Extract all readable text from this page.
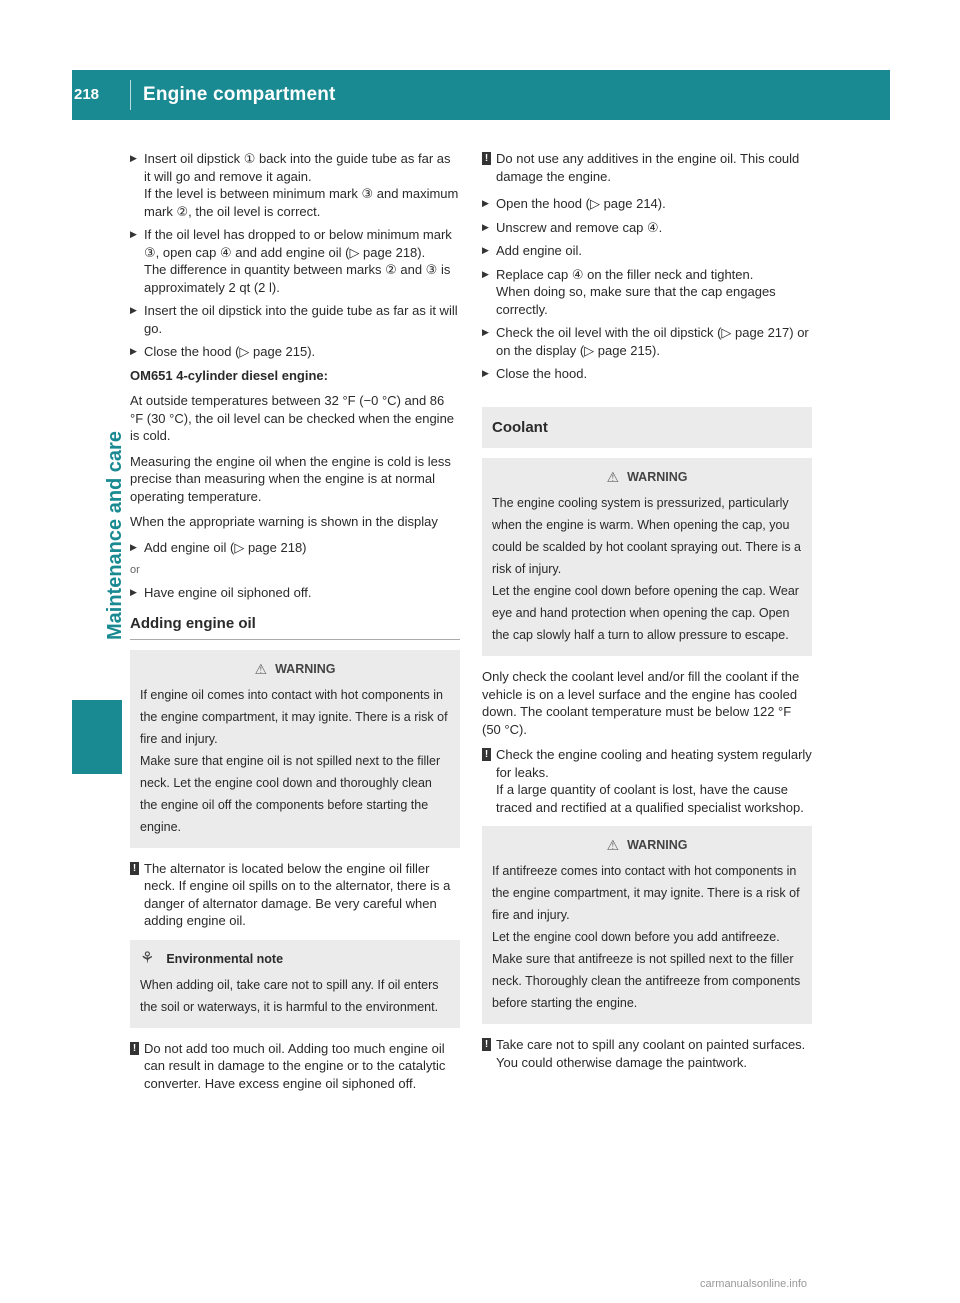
218	Engine compartment
Maintenance and care
▶ Insert oil dipstick ① back into the guide tube as far as it will go and remove it again.
If the level is between minimum mark ③ and maximum mark ②, the oil level is correct.
▶ If the oil level has dropped to or below minimum mark ③, open cap ④ and add engine oil (▷ page 218).
The difference in quantity between marks ② and ③ is approximately 2 qt (2 l).
▶ Insert the oil dipstick into the guide tube as far as it will go.
▶ Close the hood (▷ page 215).

OM651 4-cylinder diesel engine:

At outside temperatures between 32 °F (−0 °C) and 86 °F (30 °C), the oil level can be checked when the engine is cold.

Measuring the engine oil when the engine is cold is less precise than measuring when the engine is at normal operating temperature.

When the appropriate warning is shown in the display

▶ Add engine oil (▷ page 218)
or
▶ Have engine oil siphoned off.
Adding engine oil
⚠ WARNING
If engine oil comes into contact with hot components in the engine compartment, it may ignite. There is a risk of fire and injury.
Make sure that engine oil is not spilled next to the filler neck. Let the engine cool down and thoroughly clean the engine oil off the components before starting the engine.
! The alternator is located below the engine oil filler neck. If engine oil spills on to the alternator, there is a danger of alternator damage. Be very careful when adding engine oil.
⚘ Environmental note
When adding oil, take care not to spill any. If oil enters the soil or waterways, it is harmful to the environment.
! Do not add too much oil. Adding too much engine oil can result in damage to the engine or to the catalytic converter. Have excess engine oil siphoned off.
! Do not use any additives in the engine oil. This could damage the engine.
▶ Open the hood (▷ page 214).
▶ Unscrew and remove cap ④.
▶ Add engine oil.
▶ Replace cap ④ on the filler neck and tighten.
When doing so, make sure that the cap engages correctly.
▶ Check the oil level with the oil dipstick (▷ page 217) or on the display (▷ page 215).
▶ Close the hood.
Coolant
⚠ WARNING
The engine cooling system is pressurized, particularly when the engine is warm. When opening the cap, you could be scalded by hot coolant spraying out. There is a risk of injury.
Let the engine cool down before opening the cap. Wear eye and hand protection when opening the cap. Open the cap slowly half a turn to allow pressure to escape.

Only check the coolant level and/or fill the coolant if the vehicle is on a level surface and the engine has cooled down. The coolant temperature must be below 122 °F (50 °C).

! Check the engine cooling and heating system regularly for leaks.
If a large quantity of coolant is lost, have the cause traced and rectified at a qualified specialist workshop.
⚠ WARNING
If antifreeze comes into contact with hot components in the engine compartment, it may ignite. There is a risk of fire and injury.
Let the engine cool down before you add antifreeze. Make sure that antifreeze is not spilled next to the filler neck. Thoroughly clean the antifreeze from components before starting the engine.
! Take care not to spill any coolant on painted surfaces. You could otherwise damage the paintwork.
carmanualsonline.info
